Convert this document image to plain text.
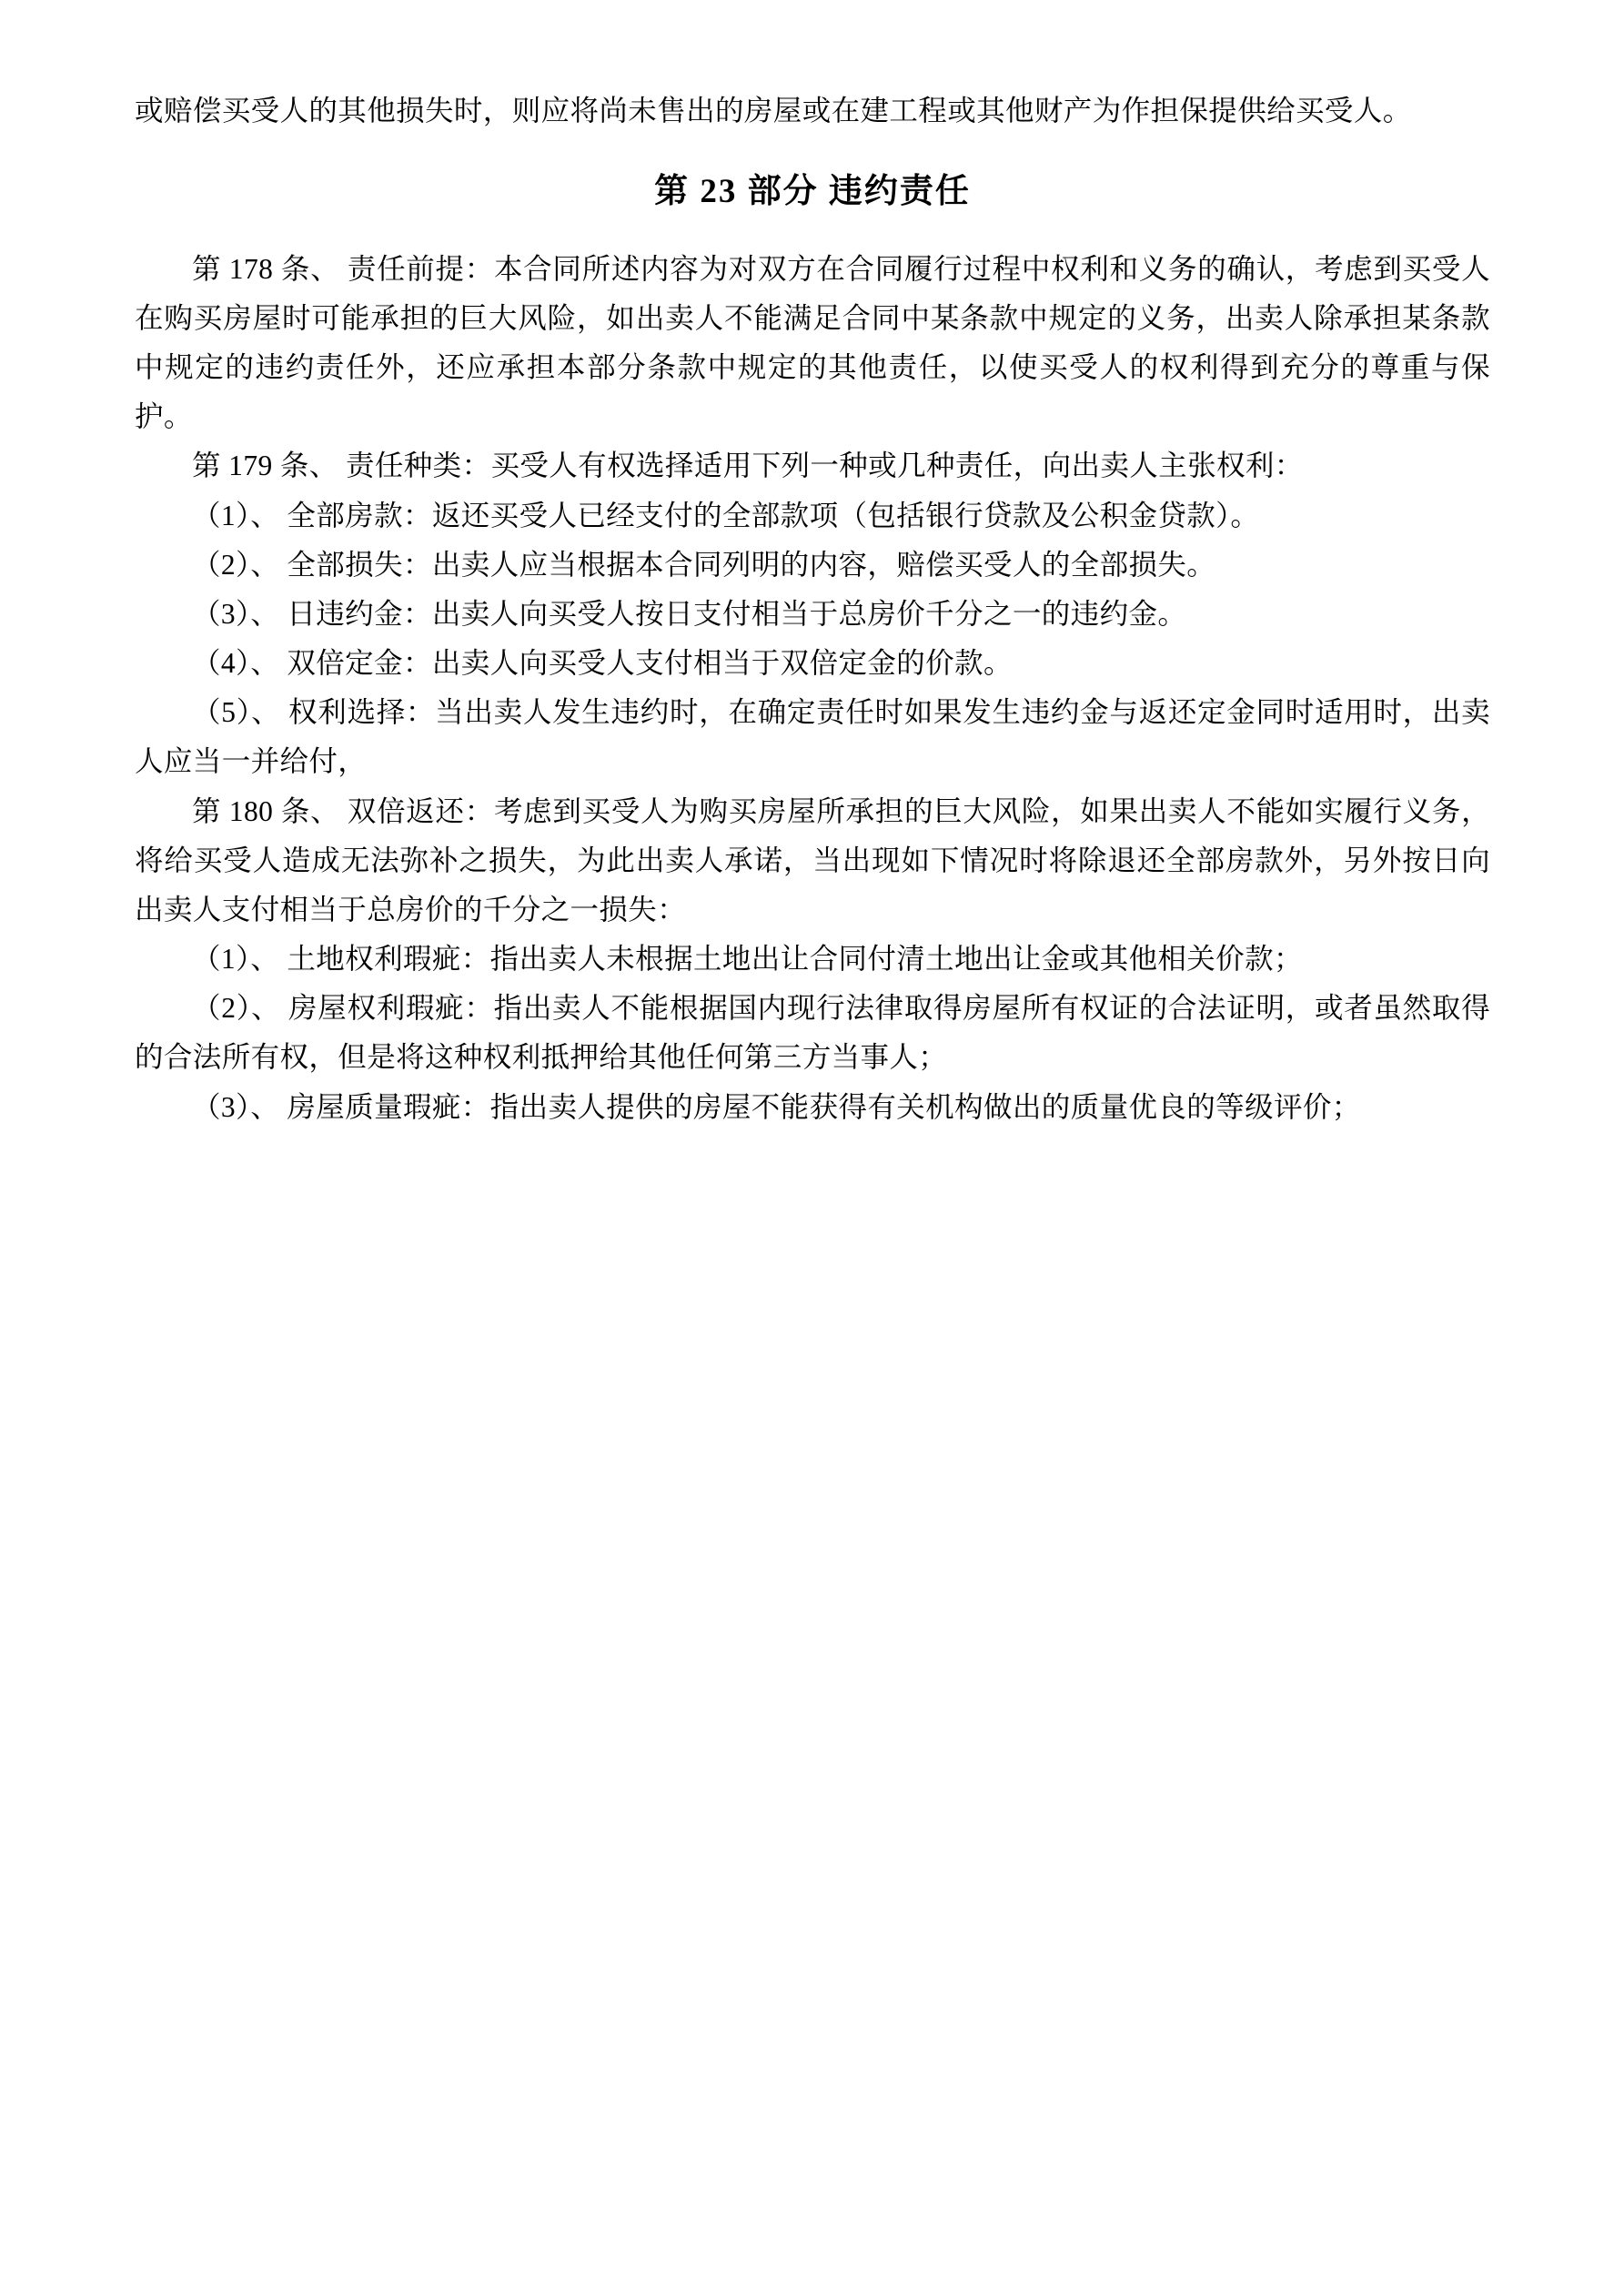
或赔偿买受人的其他损失时，则应将尚未售出的房屋或在建工程或其他财产为作担保提供给买受人。

第 23 部分 违约责任

第 178 条、 责任前提：本合同所述内容为对双方在合同履行过程中权利和义务的确认，考虑到买受人在购买房屋时可能承担的巨大风险，如出卖人不能满足合同中某条款中规定的义务，出卖人除承担某条款中规定的违约责任外，还应承担本部分条款中规定的其他责任，以使买受人的权利得到充分的尊重与保护。

第 179 条、 责任种类：买受人有权选择适用下列一种或几种责任，向出卖人主张权利：

（1）、 全部房款：返还买受人已经支付的全部款项（包括银行贷款及公积金贷款）。

（2）、 全部损失：出卖人应当根据本合同列明的内容，赔偿买受人的全部损失。

（3）、 日违约金：出卖人向买受人按日支付相当于总房价千分之一的违约金。

（4）、 双倍定金：出卖人向买受人支付相当于双倍定金的价款。

（5）、 权利选择：当出卖人发生违约时，在确定责任时如果发生违约金与返还定金同时适用时，出卖人应当一并给付，

第 180 条、 双倍返还：考虑到买受人为购买房屋所承担的巨大风险，如果出卖人不能如实履行义务，将给买受人造成无法弥补之损失，为此出卖人承诺，当出现如下情况时将除退还全部房款外，另外按日向出卖人支付相当于总房价的千分之一损失：

（1）、 土地权利瑕疵：指出卖人未根据土地出让合同付清土地出让金或其他相关价款；

（2）、 房屋权利瑕疵：指出卖人不能根据国内现行法律取得房屋所有权证的合法证明，或者虽然取得的合法所有权，但是将这种权利抵押给其他任何第三方当事人；

（3）、 房屋质量瑕疵：指出卖人提供的房屋不能获得有关机构做出的质量优良的等级评价；
